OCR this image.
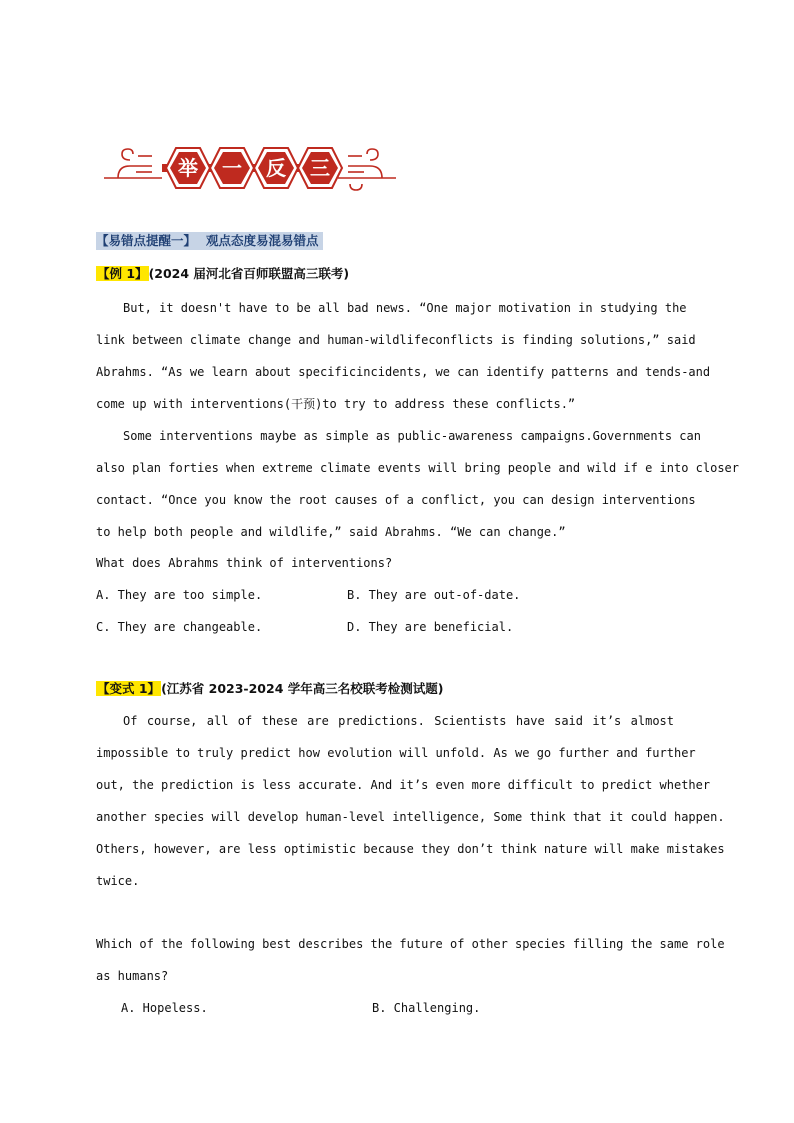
举 一 反 三
【易错点提醒一】 观点态度易混易错点
【例 1】(2024 届河北省百师联盟高三联考)
But, it doesn't have to be all bad news. “One major motivation in studying the
link between climate change and human-wildlifeconflicts is finding solutions,” said
Abrahms. “As we learn about specificincidents, we can identify patterns and tends-and
come up with interventions(干预)to try to address these conflicts.”
Some interventions maybe as simple as public-awareness campaigns.Governments can
also plan forties when extreme climate events will bring people and wild if e into closer
contact. “Once you know the root causes of a conflict, you can design interventions
to help both people and wildlife,” said Abrahms. “We can change.”
What does Abrahms think of interventions?
A. They are too simple.	B. They are out-of-date.
C. They are changeable.	D. They are beneficial.
【变式 1】(江苏省 2023-2024 学年高三名校联考检测试题)
Of course, all of these are predictions. Scientists have said it’s almost
impossible to truly predict how evolution will unfold. As we go further and further
out, the prediction is less accurate. And it’s even more difficult to predict whether
another species will develop human-level intelligence, Some think that it could happen.
Others, however, are less optimistic because they don’t think nature will make mistakes
twice.
Which of the following best describes the future of other species filling the same role
as humans?
A. Hopeless.	B. Challenging.
